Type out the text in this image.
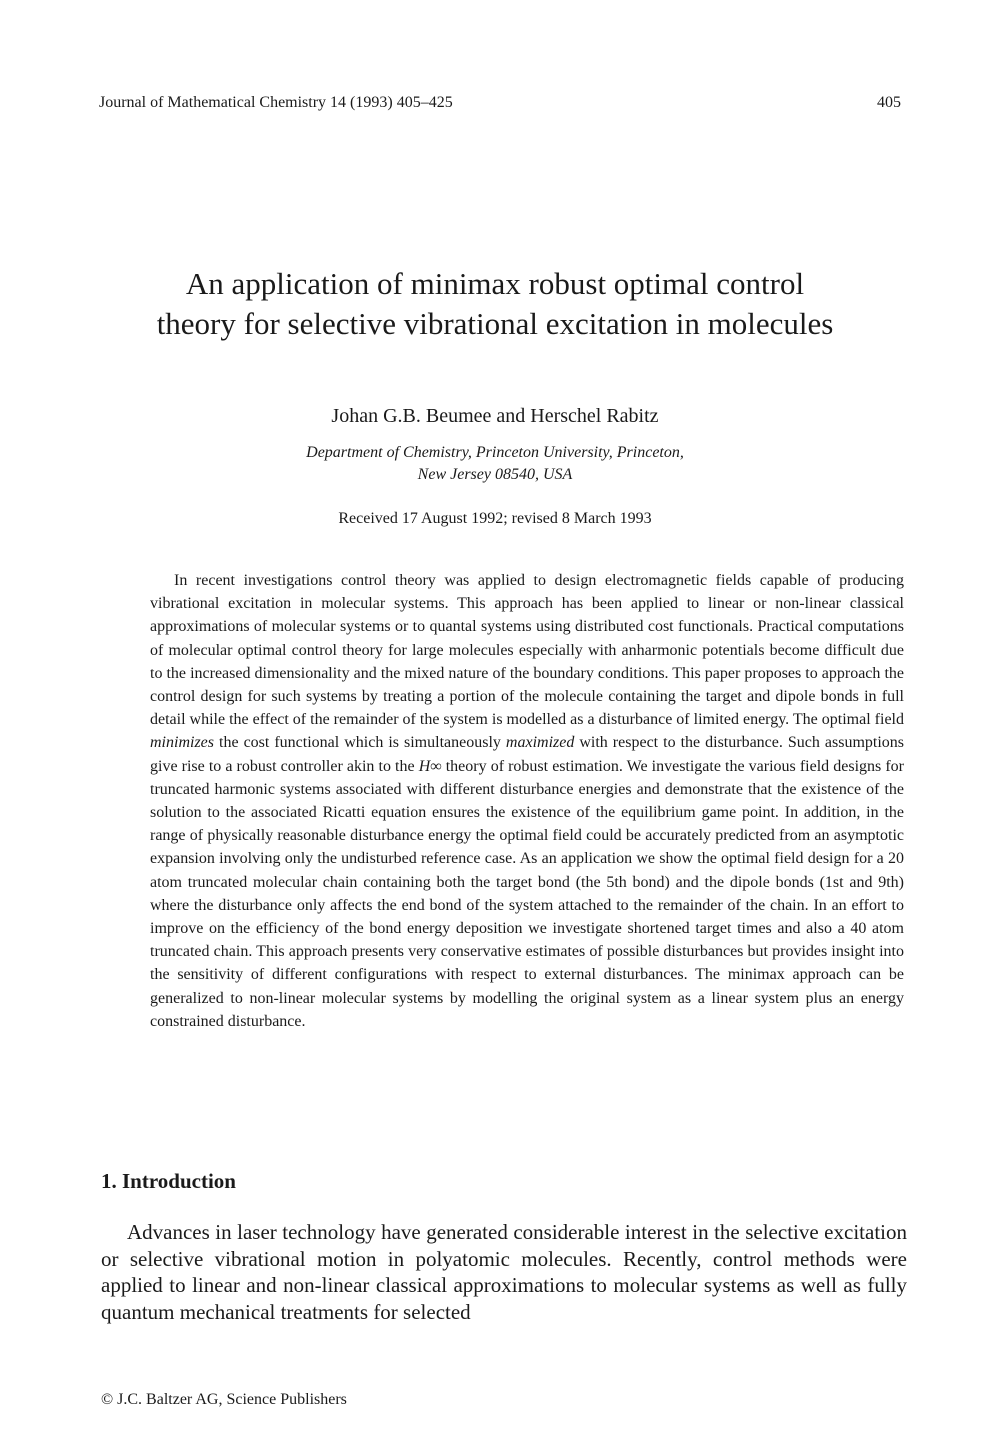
Journal of Mathematical Chemistry 14 (1993) 405–425	405
An application of minimax robust optimal control theory for selective vibrational excitation in molecules
Johan G.B. Beumee and Herschel Rabitz
Department of Chemistry, Princeton University, Princeton,
New Jersey 08540, USA
Received 17 August 1992; revised 8 March 1993
In recent investigations control theory was applied to design electromagnetic fields capable of producing vibrational excitation in molecular systems. This approach has been applied to linear or non-linear classical approximations of molecular systems or to quantal systems using distributed cost functionals. Practical computations of molecular optimal control theory for large molecules especially with anharmonic potentials become difficult due to the increased dimensionality and the mixed nature of the boundary conditions. This paper proposes to approach the control design for such systems by treating a portion of the molecule containing the target and dipole bonds in full detail while the effect of the remainder of the system is modelled as a disturbance of limited energy. The optimal field minimizes the cost functional which is simultaneously maximized with respect to the disturbance. Such assumptions give rise to a robust controller akin to the H∞ theory of robust estimation. We investigate the various field designs for truncated harmonic systems associated with different disturbance energies and demonstrate that the existence of the solution to the associated Ricatti equation ensures the existence of the equilibrium game point. In addition, in the range of physically reasonable disturbance energy the optimal field could be accurately predicted from an asymptotic expansion involving only the undisturbed reference case. As an application we show the optimal field design for a 20 atom truncated molecular chain containing both the target bond (the 5th bond) and the dipole bonds (1st and 9th) where the disturbance only affects the end bond of the system attached to the remainder of the chain. In an effort to improve on the efficiency of the bond energy deposition we investigate shortened target times and also a 40 atom truncated chain. This approach presents very conservative estimates of possible disturbances but provides insight into the sensitivity of different configurations with respect to external disturbances. The minimax approach can be generalized to non-linear molecular systems by modelling the original system as a linear system plus an energy constrained disturbance.
1. Introduction
Advances in laser technology have generated considerable interest in the selective excitation or selective vibrational motion in polyatomic molecules. Recently, control methods were applied to linear and non-linear classical approximations to molecular systems as well as fully quantum mechanical treatments for selected
© J.C. Baltzer AG, Science Publishers
